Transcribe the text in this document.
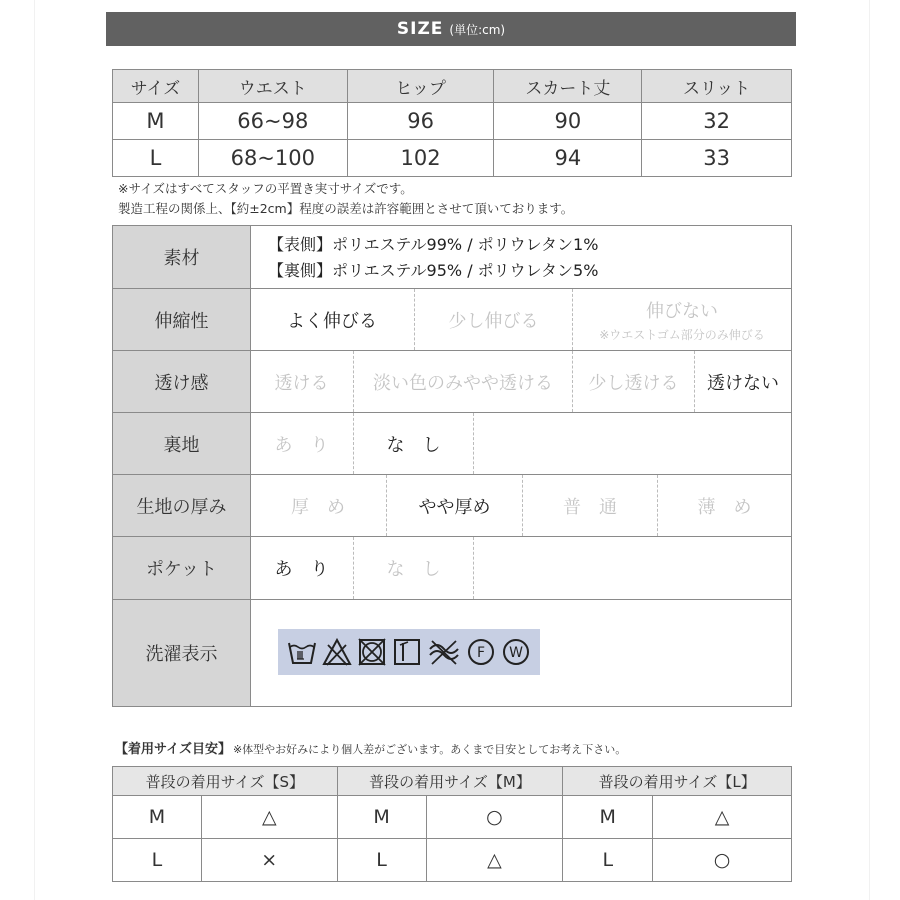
SIZE (単位:cm)
サイズ	ウエスト	ヒップ	スカート丈	スリット
M	66~98	96	90	32
L	68~100	102	94	33
※サイズはすべてスタッフの平置き実寸サイズです。
製造工程の関係上、【約±2cm】程度の誤差は許容範囲とさせて頂いております。
素材
【表側】ポリエステル99% / ポリウレタン1%
【裏側】ポリエステル95% / ポリウレタン5%
伸縮性	よく伸びる	少し伸びる	伸びない
※ウエストゴム部分のみ伸びる
透け感	透ける	淡い色のみやや透ける	少し透ける	透けない
裏地	あ　り	な　し
生地の厚み	厚　め	やや厚め	普　通	薄　め
ポケット	あ　り	な　し
洗濯表示	F W
【着用サイズ目安】 ※体型やお好みにより個人差がございます。あくまで目安としてお考え下さい。
普段の着用サイズ【S】		普段の着用サイズ【M】		普段の着用サイズ【L】	
M	△	M	○	M	△
L	×	L	△	L	○
